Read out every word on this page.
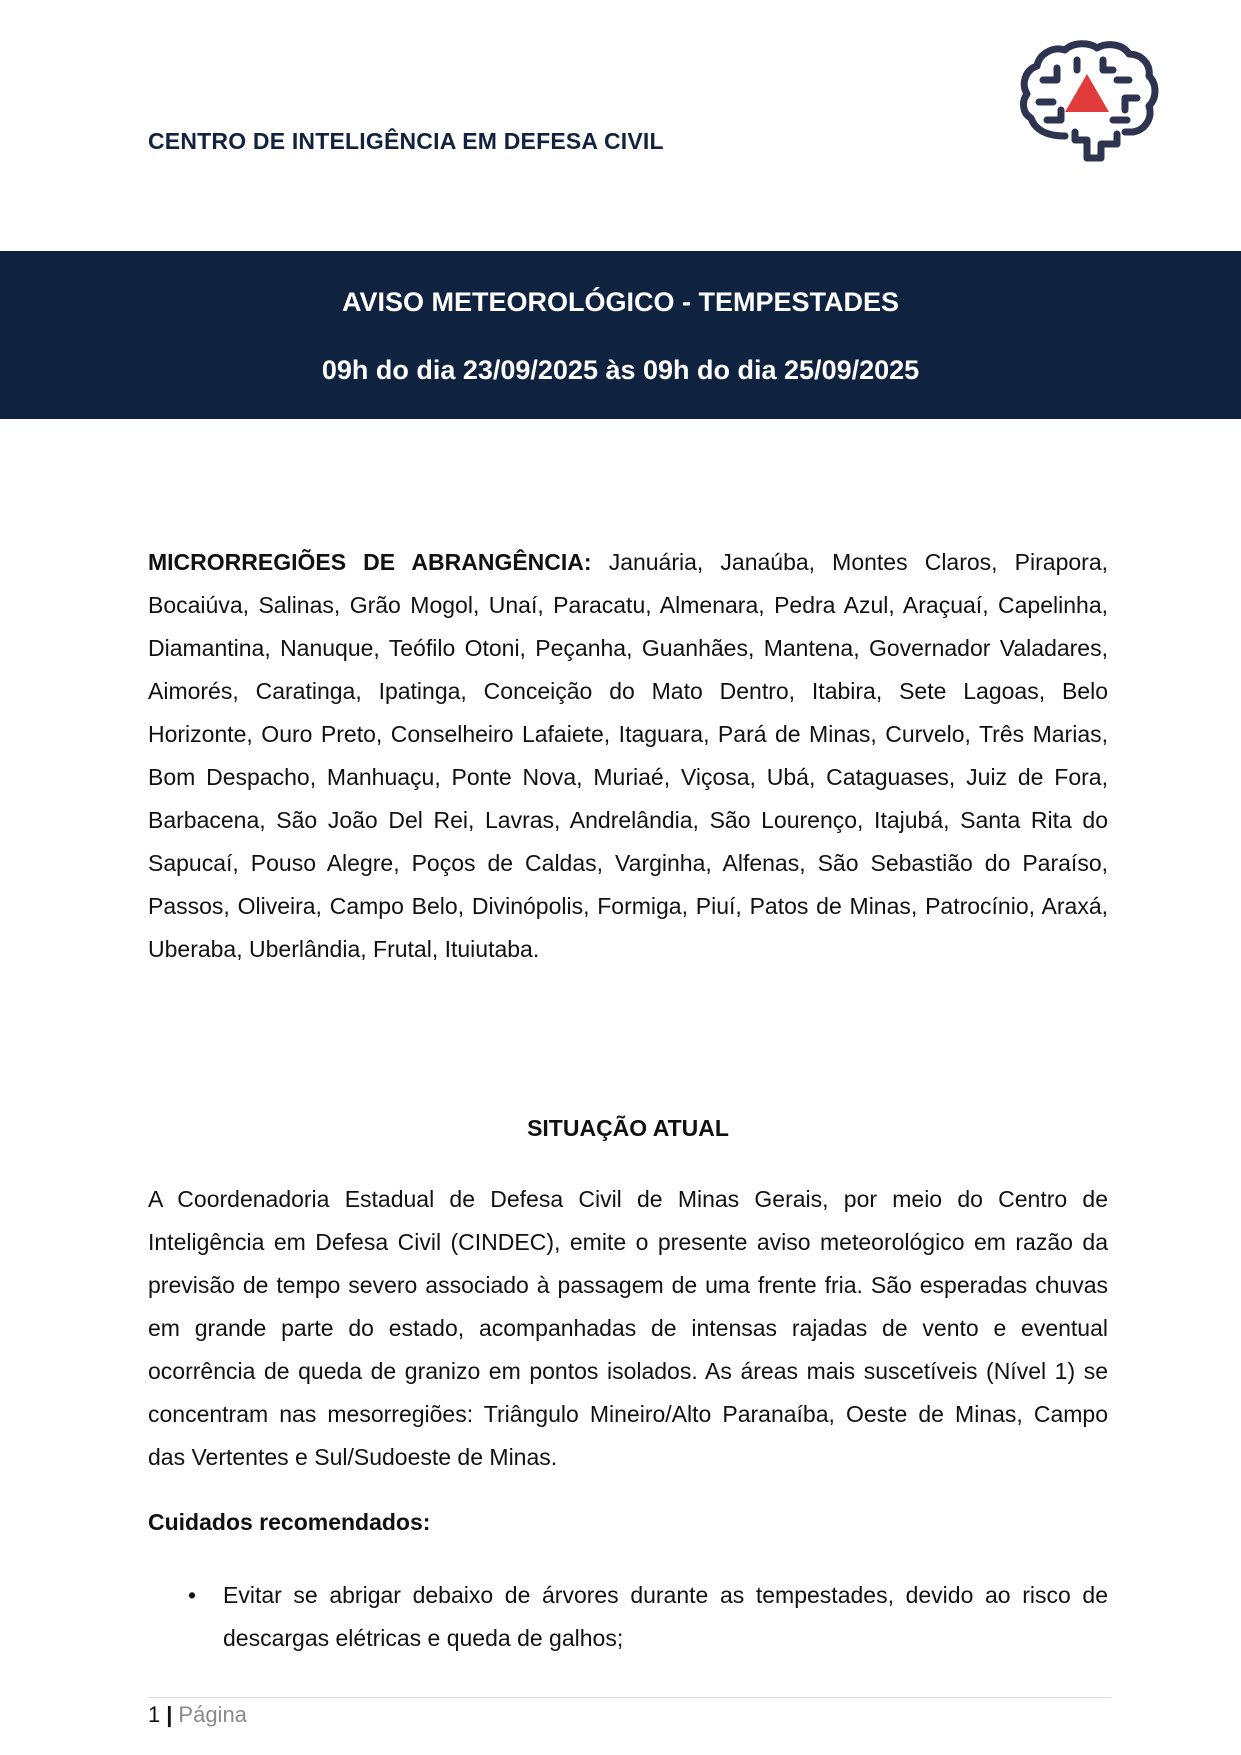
CENTRO DE INTELIGÊNCIA EM DEFESA CIVIL
AVISO METEOROLÓGICO - TEMPESTADES
09h do dia 23/09/2025 às 09h do dia 25/09/2025
MICRORREGIÕES DE ABRANGÊNCIA: Januária, Janaúba, Montes Claros, Pirapora, Bocaiúva, Salinas, Grão Mogol, Unaí, Paracatu, Almenara, Pedra Azul, Araçuaí, Capelinha, Diamantina, Nanuque, Teófilo Otoni, Peçanha, Guanhães, Mantena, Governador Valadares, Aimorés, Caratinga, Ipatinga, Conceição do Mato Dentro, Itabira, Sete Lagoas, Belo Horizonte, Ouro Preto, Conselheiro Lafaiete, Itaguara, Pará de Minas, Curvelo, Três Marias, Bom Despacho, Manhuaçu, Ponte Nova, Muriaé, Viçosa, Ubá, Cataguases, Juiz de Fora, Barbacena, São João Del Rei, Lavras, Andrelândia, São Lourenço, Itajubá, Santa Rita do Sapucaí, Pouso Alegre, Poços de Caldas, Varginha, Alfenas, São Sebastião do Paraíso, Passos, Oliveira, Campo Belo, Divinópolis, Formiga, Piuí, Patos de Minas, Patrocínio, Araxá, Uberaba, Uberlândia, Frutal, Ituiutaba.
SITUAÇÃO ATUAL
A Coordenadoria Estadual de Defesa Civil de Minas Gerais, por meio do Centro de Inteligência em Defesa Civil (CINDEC), emite o presente aviso meteorológico em razão da previsão de tempo severo associado à passagem de uma frente fria. São esperadas chuvas em grande parte do estado, acompanhadas de intensas rajadas de vento e eventual ocorrência de queda de granizo em pontos isolados. As áreas mais suscetíveis (Nível 1) se concentram nas mesorregiões: Triângulo Mineiro/Alto Paranaíba, Oeste de Minas, Campo das Vertentes e Sul/Sudoeste de Minas.
Cuidados recomendados:
• Evitar se abrigar debaixo de árvores durante as tempestades, devido ao risco de descargas elétricas e queda de galhos;
1 | Página
